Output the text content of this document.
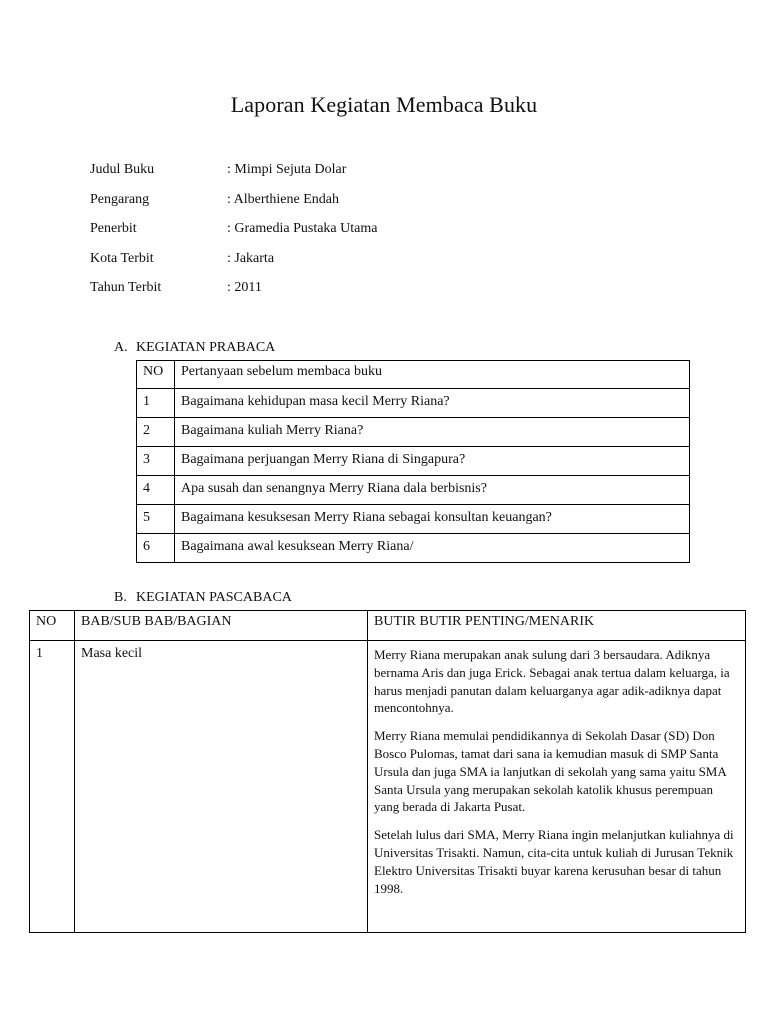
Laporan Kegiatan Membaca Buku
Judul Buku	: Mimpi Sejuta Dolar
Pengarang	: Alberthiene Endah
Penerbit	: Gramedia Pustaka Utama
Kota Terbit	: Jakarta
Tahun Terbit	: 2011
A. KEGIATAN PRABACA
NO	Pertanyaan sebelum membaca buku
1	Bagaimana kehidupan masa kecil Merry Riana?
2	Bagaimana kuliah Merry Riana?
3	Bagaimana perjuangan Merry Riana di Singapura?
4	Apa susah dan senangnya Merry Riana dala berbisnis?
5	Bagaimana kesuksesan Merry Riana sebagai konsultan keuangan?
6	Bagaimana awal kesuksean Merry Riana/
B. KEGIATAN PASCABACA
NO	BAB/SUB BAB/BAGIAN	BUTIR BUTIR PENTING/MENARIK
1	Masa kecil	Merry Riana merupakan anak sulung dari 3 bersaudara. Adiknya bernama Aris dan juga Erick. Sebagai anak tertua dalam keluarga, ia harus menjadi panutan dalam keluarganya agar adik-adiknya dapat mencontohnya.

Merry Riana memulai pendidikannya di Sekolah Dasar (SD) Don Bosco Pulomas, tamat dari sana ia kemudian masuk di SMP Santa Ursula dan juga SMA ia lanjutkan di sekolah yang sama yaitu SMA Santa Ursula yang merupakan sekolah katolik khusus perempuan yang berada di Jakarta Pusat.

Setelah lulus dari SMA, Merry Riana ingin melanjutkan kuliahnya di Universitas Trisakti. Namun, cita-cita untuk kuliah di Jurusan Teknik Elektro Universitas Trisakti buyar karena kerusuhan besar di tahun 1998.
